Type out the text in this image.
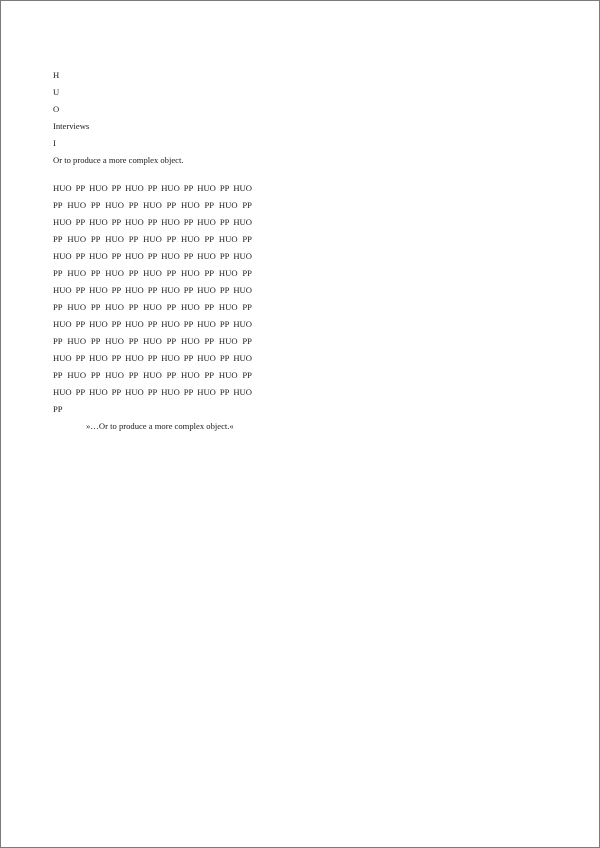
H
U
O
Interviews
I
Or to produce a more complex object.
HUO PP HUO PP HUO PP HUO PP HUO PP HUO
PP HUO PP HUO PP HUO PP HUO PP HUO PP
HUO PP HUO PP HUO PP HUO PP HUO PP HUO
PP HUO PP HUO PP HUO PP HUO PP HUO PP
HUO PP HUO PP HUO PP HUO PP HUO PP HUO
PP HUO PP HUO PP HUO PP HUO PP HUO PP
HUO PP HUO PP HUO PP HUO PP HUO PP HUO
PP HUO PP HUO PP HUO PP HUO PP HUO PP
HUO PP HUO PP HUO PP HUO PP HUO PP HUO
PP HUO PP HUO PP HUO PP HUO PP HUO PP
HUO PP HUO PP HUO PP HUO PP HUO PP HUO
PP HUO PP HUO PP HUO PP HUO PP HUO PP
HUO PP HUO PP HUO PP HUO PP HUO PP HUO
PP
»…Or to produce a more complex object.«
